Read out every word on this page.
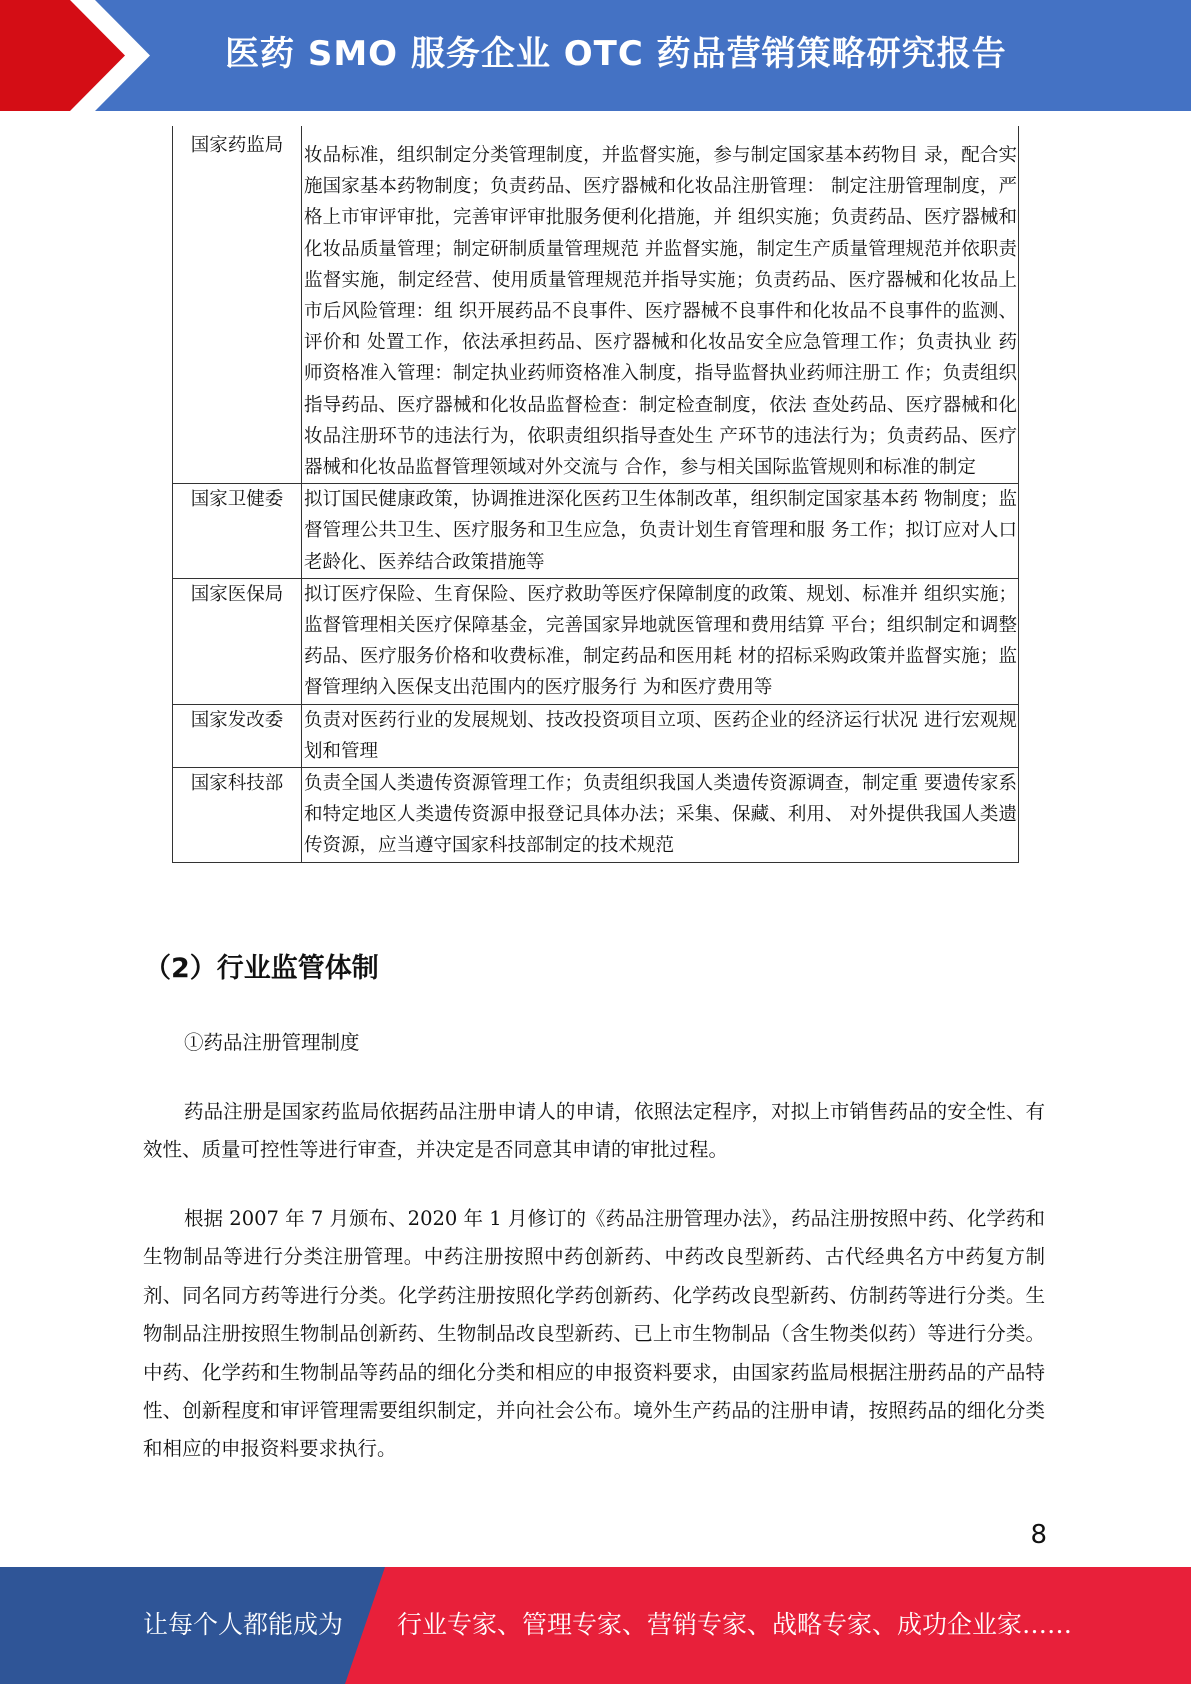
医药 SMO 服务企业 OTC 药品营销策略研究报告
国家药监局	妆品标准，组织制定分类管理制度，并监督实施，参与制定国家基本药物目 录，配合实施国家基本药物制度；负责药品、医疗器械和化妆品注册管理： 制定注册管理制度，严格上市审评审批，完善审评审批服务便利化措施，并 组织实施；负责药品、医疗器械和化妆品质量管理；制定研制质量管理规范 并监督实施，制定生产质量管理规范并依职责监督实施，制定经营、使用质量管理规范并指导实施；负责药品、医疗器械和化妆品上市后风险管理：组 织开展药品不良事件、医疗器械不良事件和化妆品不良事件的监测、评价和 处置工作，依法承担药品、医疗器械和化妆品安全应急管理工作；负责执业 药师资格准入管理：制定执业药师资格准入制度，指导监督执业药师注册工 作；负责组织指导药品、医疗器械和化妆品监督检查：制定检查制度，依法 查处药品、医疗器械和化妆品注册环节的违法行为，依职责组织指导查处生 产环节的违法行为；负责药品、医疗器械和化妆品监督管理领域对外交流与 合作，参与相关国际监管规则和标准的制定
国家卫健委	拟订国民健康政策，协调推进深化医药卫生体制改革，组织制定国家基本药 物制度；监督管理公共卫生、医疗服务和卫生应急，负责计划生育管理和服 务工作；拟订应对人口老龄化、医养结合政策措施等
国家医保局	拟订医疗保险、生育保险、医疗救助等医疗保障制度的政策、规划、标准并 组织实施；监督管理相关医疗保障基金，完善国家异地就医管理和费用结算 平台；组织制定和调整药品、医疗服务价格和收费标准，制定药品和医用耗 材的招标采购政策并监督实施；监督管理纳入医保支出范围内的医疗服务行 为和医疗费用等
国家发改委	负责对医药行业的发展规划、技改投资项目立项、医药企业的经济运行状况 进行宏观规划和管理
国家科技部	负责全国人类遗传资源管理工作；负责组织我国人类遗传资源调查，制定重 要遗传家系和特定地区人类遗传资源申报登记具体办法；采集、保藏、利用、 对外提供我国人类遗传资源，应当遵守国家科技部制定的技术规范
（2）行业监管体制
①药品注册管理制度

药品注册是国家药监局依据药品注册申请人的申请，依照法定程序，对拟上市销售药品的安全性、有效性、质量可控性等进行审查，并决定是否同意其申请的审批过程。

根据 2007 年 7 月颁布、2020 年 1 月修订的《药品注册管理办法》，药品注册按照中药、化学药和生物制品等进行分类注册管理。中药注册按照中药创新药、中药改良型新药、古代经典名方中药复方制剂、同名同方药等进行分类。化学药注册按照化学药创新药、化学药改良型新药、仿制药等进行分类。生物制品注册按照生物制品创新药、生物制品改良型新药、已上市生物制品（含生物类似药）等进行分类。中药、化学药和生物制品等药品的细化分类和相应的申报资料要求，由国家药监局根据注册药品的产品特性、创新程度和审评管理需要组织制定，并向社会公布。境外生产药品的注册申请，按照药品的细化分类和相应的申报资料要求执行。

8
让每个人都能成为 行业专家、管理专家、营销专家、战略专家、成功企业家……
